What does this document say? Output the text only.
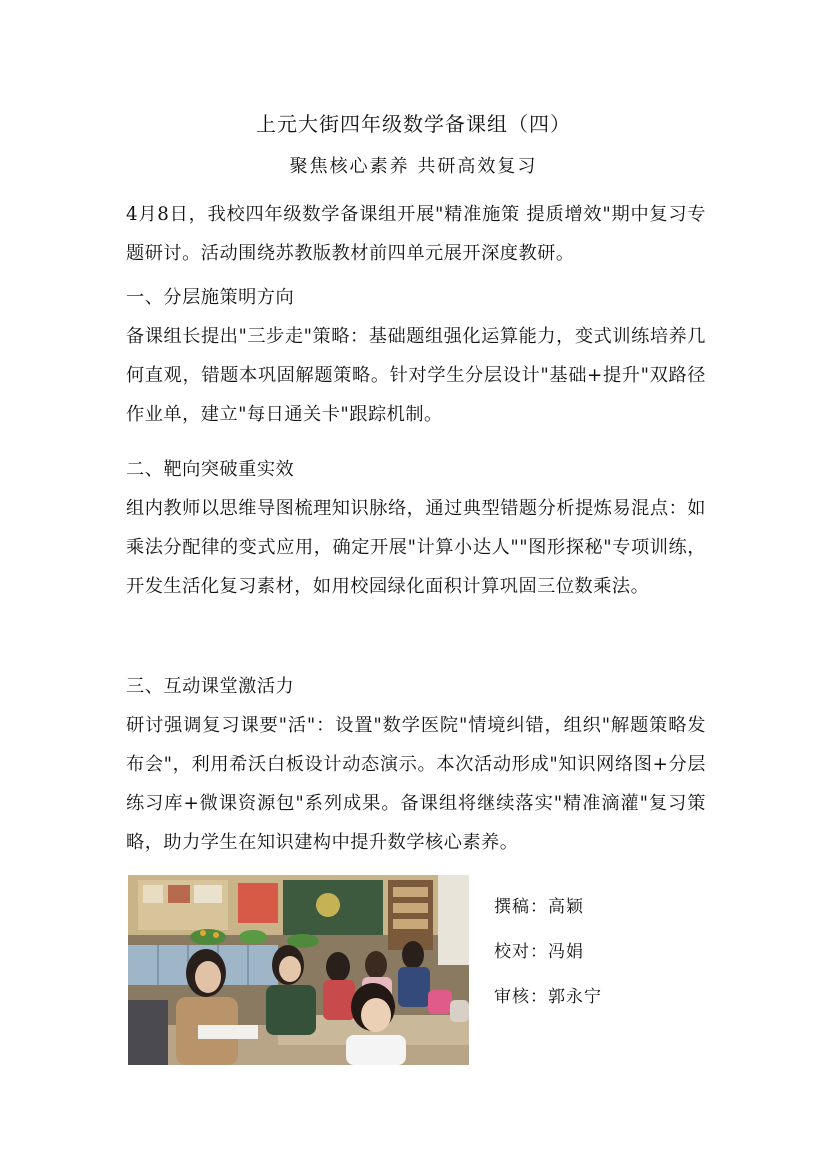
上元大街四年级数学备课组（四）
聚焦核心素养 共研高效复习

4月8日，我校四年级数学备课组开展"精准施策 提质增效"期中复习专题研讨。活动围绕苏教版教材前四单元展开深度教研。

一、分层施策明方向

备课组长提出"三步走"策略：基础题组强化运算能力，变式训练培养几何直观，错题本巩固解题策略。针对学生分层设计"基础+提升"双路径作业单，建立"每日通关卡"跟踪机制。

二、靶向突破重实效

组内教师以思维导图梳理知识脉络，通过典型错题分析提炼易混点：如乘法分配律的变式应用，确定开展"计算小达人""图形探秘"专项训练，开发生活化复习素材，如用校园绿化面积计算巩固三位数乘法。

三、互动课堂激活力

研讨强调复习课要"活"：设置"数学医院"情境纠错，组织"解题策略发布会"，利用希沃白板设计动态演示。本次活动形成"知识网络图+分层练习库+微课资源包"系列成果。备课组将继续落实"精准滴灌"复习策略，助力学生在知识建构中提升数学核心素养。

撰稿：高颖
校对：冯娟
审核：郭永宁
